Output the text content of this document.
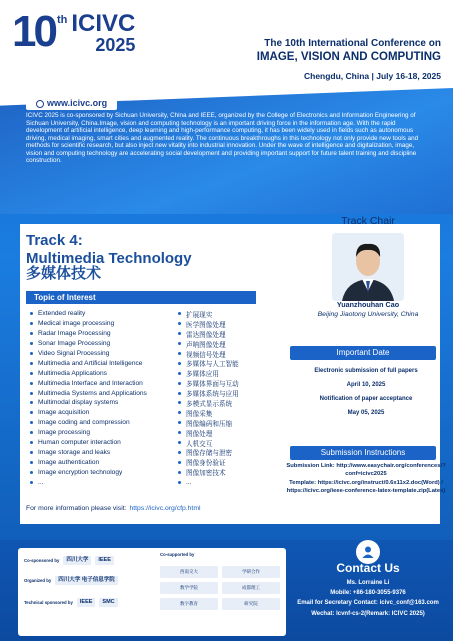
10 th ICIVC
2025	The 10th International Conference on
IMAGE, VISION AND COMPUTING
Chengdu, China | July 16-18, 2025
www.icivc.org
ICIVC 2025 is co-sponsored by Sichuan University, China and IEEE, organized by the College of Electronics and Information Engineering of Sichuan University, China.Image, vision and computing technology is an important driving force in the information age. With the rapid development of artificial intelligence, deep learning and high-performance computing, it has been widely used in fields such as autonomous driving, medical imaging, smart cities and augmented reality. The continuous breakthroughs in this technology not only provide new tools and methods for scientific research, but also inject new vitality into industrial innovation. Under the wave of intelligence and digitalization, image, vision and computing technology are accelerating social development and providing important support for future talent training and discipline construction.
Track 4:
Multimedia Technology
多媒体技术
Topic of Interest
Extended reality	扩展现实
Medical image processing	医学图像处理
Radar Image Processing	雷达图像处理
Sonar Image Processing	声呐图像处理
Video Signal Processing	视频信号处理
Multimedia and Artificial Intelligence	多媒体与人工智能
Multimedia Applications	多媒体应用
Multimedia Interface and Interaction	多媒体界面与互动
Multimedia Systems and Applications	多媒体系统与应用
Multimodal display systems	多模式显示系统
Image acquisition	图像采集
Image coding and compression	图像编码和压缩
Image processing	图像处理
Human computer interaction	人机交互
Image storage and leaks	图像存储与泄密
Image authentication	图像身份验证
Image encryption technology	图像加密技术
...	...
For more information please visit: https://icivc.org/cfp.html
Track Chair
Yuanzhouhan Cao
Beijing Jiaotong University, China
Important Date
Electronic submission of full papers
April 10, 2025
Notification of paper acceptance
May 05, 2025
Submission Instructions
Submission Link: http://www.easychair.org/conferences/?conf=icivc2025
Template: https://icivc.org/instruct/0.6x11x2.doc(Word) / https://icivc.org/ieee-conference-latex-template.zip(Latex)
Co-sponsored by	四川大学	IEEE
Organized by	四川大学 电子信息学院
Technical sponsored by	IEEE	SMC
Co-supported by
西南交大	学研合作
数学学院	成都理工
数字教育	研究院
Contact Us
Ms. Lorraine Li
Mobile: +86-180-3055-9376
Email for Secretary Contact: icivc_conf@163.com
Wechat: Icvnf-cs-2(Remark: ICIVC 2025)
